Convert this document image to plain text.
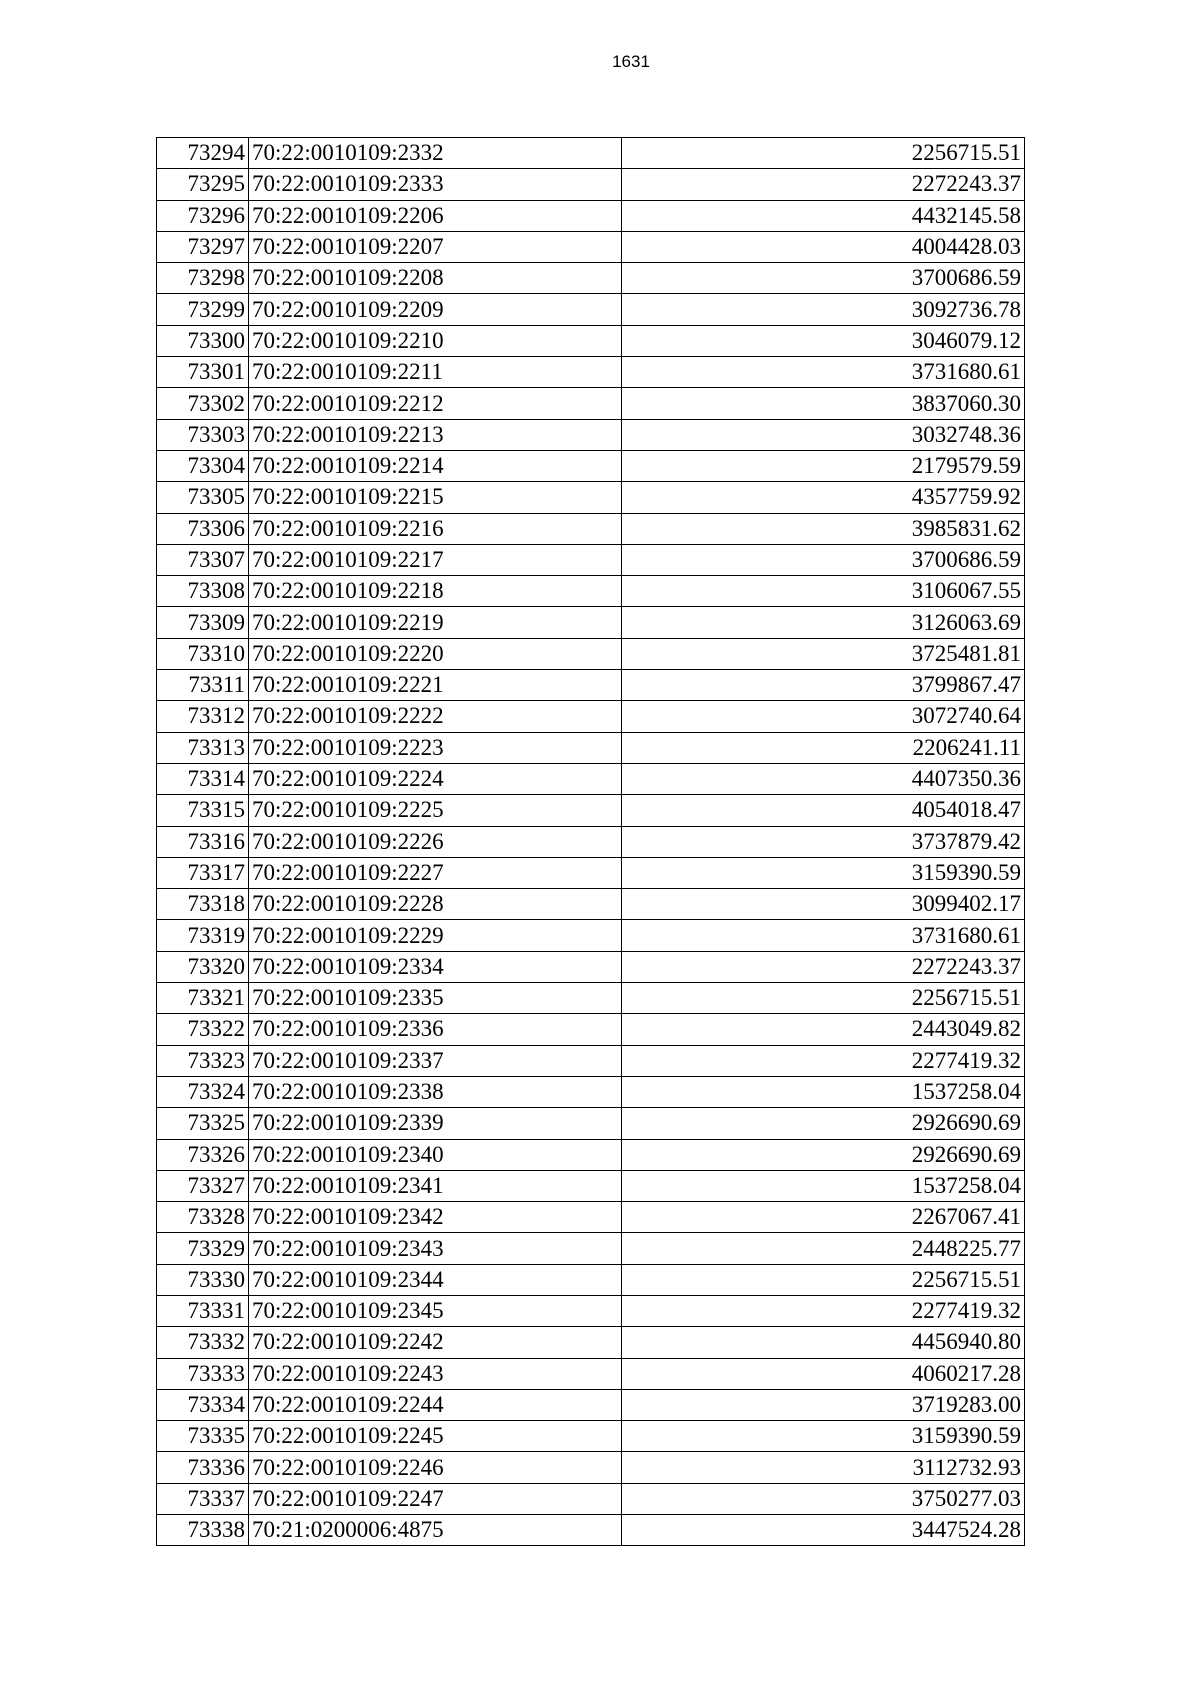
1631
73294	70:22:0010109:2332	2256715.51
73295	70:22:0010109:2333	2272243.37
73296	70:22:0010109:2206	4432145.58
73297	70:22:0010109:2207	4004428.03
73298	70:22:0010109:2208	3700686.59
73299	70:22:0010109:2209	3092736.78
73300	70:22:0010109:2210	3046079.12
73301	70:22:0010109:2211	3731680.61
73302	70:22:0010109:2212	3837060.30
73303	70:22:0010109:2213	3032748.36
73304	70:22:0010109:2214	2179579.59
73305	70:22:0010109:2215	4357759.92
73306	70:22:0010109:2216	3985831.62
73307	70:22:0010109:2217	3700686.59
73308	70:22:0010109:2218	3106067.55
73309	70:22:0010109:2219	3126063.69
73310	70:22:0010109:2220	3725481.81
73311	70:22:0010109:2221	3799867.47
73312	70:22:0010109:2222	3072740.64
73313	70:22:0010109:2223	2206241.11
73314	70:22:0010109:2224	4407350.36
73315	70:22:0010109:2225	4054018.47
73316	70:22:0010109:2226	3737879.42
73317	70:22:0010109:2227	3159390.59
73318	70:22:0010109:2228	3099402.17
73319	70:22:0010109:2229	3731680.61
73320	70:22:0010109:2334	2272243.37
73321	70:22:0010109:2335	2256715.51
73322	70:22:0010109:2336	2443049.82
73323	70:22:0010109:2337	2277419.32
73324	70:22:0010109:2338	1537258.04
73325	70:22:0010109:2339	2926690.69
73326	70:22:0010109:2340	2926690.69
73327	70:22:0010109:2341	1537258.04
73328	70:22:0010109:2342	2267067.41
73329	70:22:0010109:2343	2448225.77
73330	70:22:0010109:2344	2256715.51
73331	70:22:0010109:2345	2277419.32
73332	70:22:0010109:2242	4456940.80
73333	70:22:0010109:2243	4060217.28
73334	70:22:0010109:2244	3719283.00
73335	70:22:0010109:2245	3159390.59
73336	70:22:0010109:2246	3112732.93
73337	70:22:0010109:2247	3750277.03
73338	70:21:0200006:4875	3447524.28
